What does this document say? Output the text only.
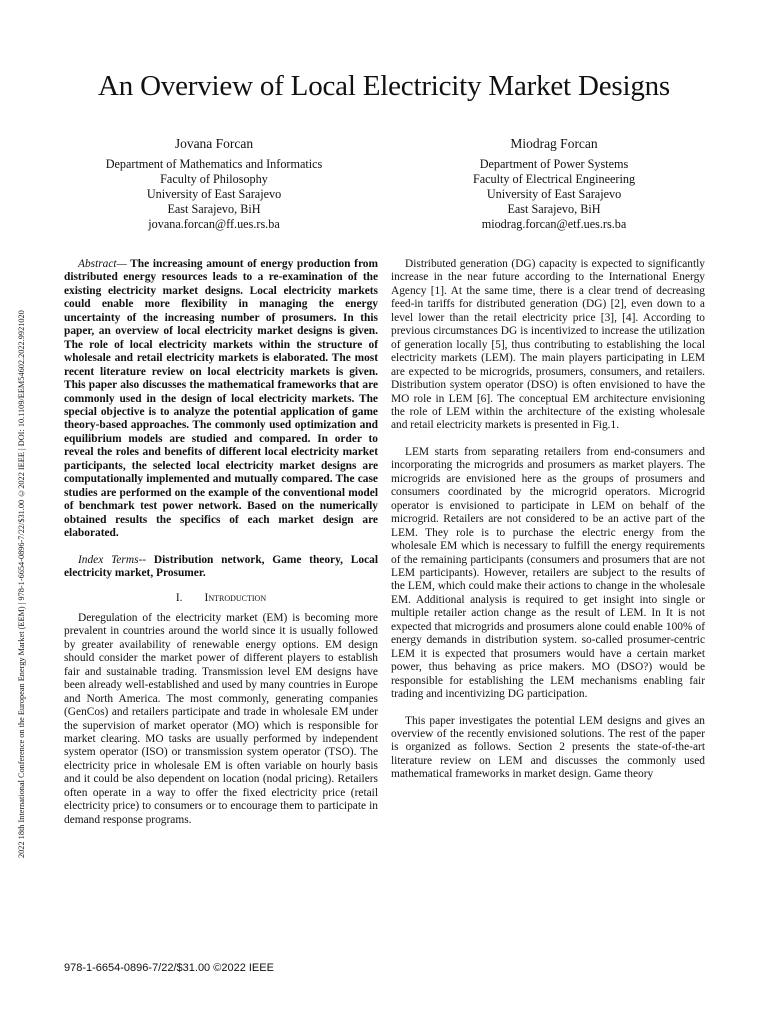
An Overview of Local Electricity Market Designs
Jovana Forcan
Department of Mathematics and Informatics
Faculty of Philosophy
University of East Sarajevo
East Sarajevo, BiH
jovana.forcan@ff.ues.rs.ba
Miodrag Forcan
Department of Power Systems
Faculty of Electrical Engineering
University of East Sarajevo
East Sarajevo, BiH
miodrag.forcan@etf.ues.rs.ba
2022 18th International Conference on the European Energy Market (EEM) | 978-1-6654-0896-7/22/$31.00 ©2022 IEEE | DOI: 10.1109/EEM54602.2022.9921020

Abstract— The increasing amount of energy production from distributed energy resources leads to a re-examination of the existing electricity market designs. Local electricity markets could enable more flexibility in managing the energy uncertainty of the increasing number of prosumers. In this paper, an overview of local electricity market designs is given. The role of local electricity markets within the structure of wholesale and retail electricity markets is elaborated. The most recent literature review on local electricity markets is given. This paper also discusses the mathematical frameworks that are commonly used in the design of local electricity markets. The special objective is to analyze the potential application of game theory-based approaches. The commonly used optimization and equilibrium models are studied and compared. In order to reveal the roles and benefits of different local electricity market participants, the selected local electricity market designs are computationally implemented and mutually compared. The case studies are performed on the example of the conventional model of benchmark test power network. Based on the numerically obtained results the specifics of each market design are elaborated.

Index Terms-- Distribution network, Game theory, Local electricity market, Prosumer.

I. Introduction

Deregulation of the electricity market (EM) is becoming more prevalent in countries around the world since it is usually followed by greater availability of renewable energy options. EM design should consider the market power of different players to establish fair and sustainable trading. Transmission level EM designs have been already well-established and used by many countries in Europe and North America. The most commonly, generating companies (GenCos) and retailers participate and trade in wholesale EM under the supervision of market operator (MO) which is responsible for market clearing. MO tasks are usually performed by independent system operator (ISO) or transmission system operator (TSO). The electricity price in wholesale EM is often variable on hourly basis and it could be also dependent on location (nodal pricing). Retailers often operate in a way to offer the fixed electricity price (retail electricity price) to consumers or to encourage them to participate in demand response programs.

Distributed generation (DG) capacity is expected to significantly increase in the near future according to the International Energy Agency [1]. At the same time, there is a clear trend of decreasing feed-in tariffs for distributed generation (DG) [2], even down to a level lower than the retail electricity price [3], [4]. According to previous circumstances DG is incentivized to increase the utilization of generation locally [5], thus contributing to establishing the local electricity markets (LEM). The main players participating in LEM are expected to be microgrids, prosumers, consumers, and retailers. Distribution system operator (DSO) is often envisioned to have the MO role in LEM [6]. The conceptual EM architecture envisioning the role of LEM within the architecture of the existing wholesale and retail electricity markets is presented in Fig.1.

LEM starts from separating retailers from end-consumers and incorporating the microgrids and prosumers as market players. The microgrids are envisioned here as the groups of prosumers and consumers coordinated by the microgrid operators. Microgrid operator is envisioned to participate in LEM on behalf of the microgrid. Retailers are not considered to be an active part of the LEM. They role is to purchase the electric energy from the wholesale EM which is necessary to fulfill the energy requirements of the remaining participants (consumers and prosumers that are not LEM participants). However, retailers are subject to the results of the LEM, which could make their actions to change in the wholesale EM. Additional analysis is required to get insight into single or multiple retailer action change as the result of LEM. In It is not expected that microgrids and prosumers alone could enable 100% of energy demands in distribution system. so-called prosumer-centric LEM it is expected that prosumers would have a certain market power, thus behaving as price makers. MO (DSO?) would be responsible for establishing the LEM mechanisms enabling fair trading and incentivizing DG participation.

This paper investigates the potential LEM designs and gives an overview of the recently envisioned solutions. The rest of the paper is organized as follows. Section 2 presents the state-of-the-art literature review on LEM and discusses the commonly used mathematical frameworks in market design. Game theory

978-1-6654-0896-7/22/$31.00 ©2022 IEEE
